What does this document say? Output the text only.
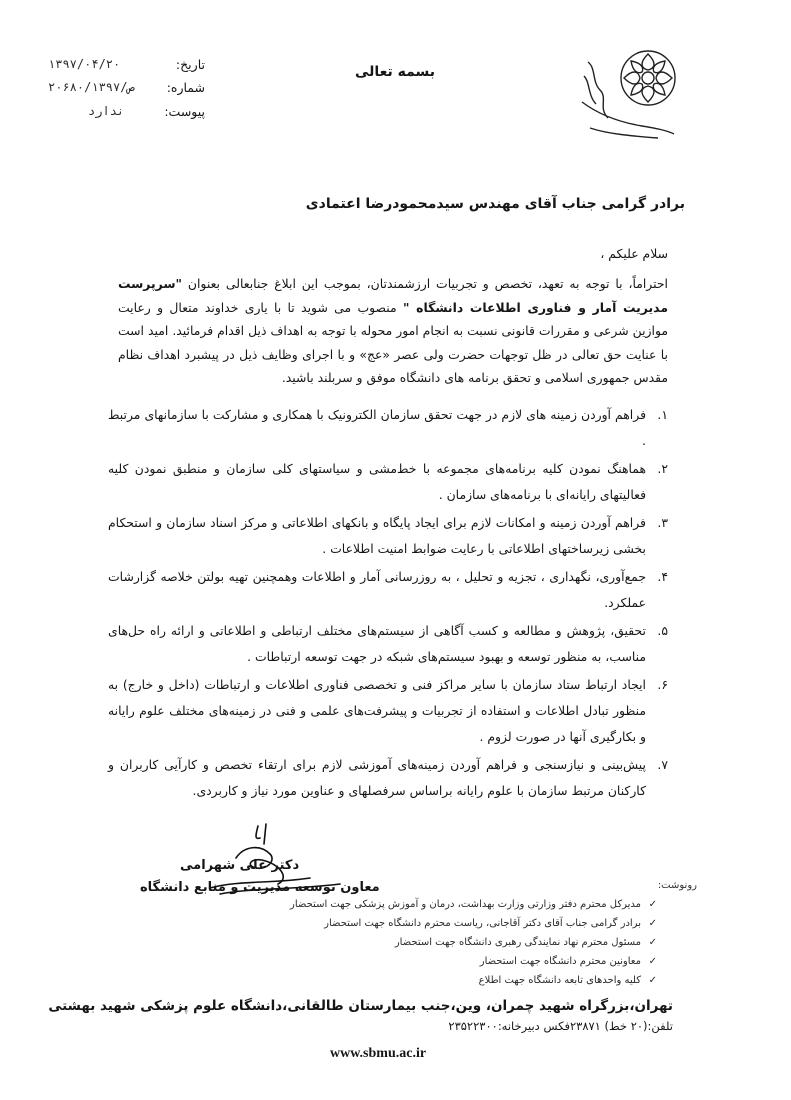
تاریخ:
۱۳۹۷/۰۴/۲۰
شماره:
۲۰۶۸۰/ص/۱۳۹۷
پیوست:
ندارد
بسمه تعالی
برادر گرامی جناب آقای مهندس سیدمحمودرضا اعتمادی
سلام علیکم ،
احتراماً، با توجه به تعهد، تخصص و تجربیات ارزشمندتان، بموجب این ابلاغ جنابعالی بعنوان "سرپرست مدیریت آمار و فناوری اطلاعات دانشگاه " منصوب می شوید تا با یاری خداوند متعال و رعایت موازین شرعی و مقررات قانونی نسبت به انجام امور محوله با توجه به اهداف ذیل اقدام فرمائید. امید است با عنایت حق تعالی در ظل توجهات حضرت ولی عصر «عج» و با اجرای وظایف ذیل در پیشبرد اهداف نظام مقدس جمهوری اسلامی و تحقق برنامه های دانشگاه موفق و سربلند باشید.
۱.
فراهم آوردن زمینه های لازم در جهت تحقق سازمان الکترونیک با همکاری و مشارکت با سازمانهای مرتبط .
۲.
هماهنگ نمودن کلیه برنامه‌های مجموعه با خط‌مشی و سیاستهای کلی سازمان و منطبق نمودن کلیه فعالیتهای رایانه‌ای با برنامه‌های سازمان .
۳.
فراهم آوردن زمینه و امکانات لازم برای ایجاد پایگاه و بانکهای اطلاعاتی و مرکز اسناد سازمان و استحکام بخشی زیرساختهای اطلاعاتی با رعایت ضوابط امنیت اطلاعات .
۴.
جمع‌آوری، نگهداری ، تجزیه و تحلیل ، به روزرسانی آمار و اطلاعات وهمچنین تهیه بولتن خلاصه گزارشات عملکرد.
۵.
تحقیق، پژوهش و مطالعه و کسب آگاهی از سیستم‌های مختلف ارتباطی و اطلاعاتی و ارائه راه حل‌های مناسب، به منظور توسعه و بهبود سیستم‌های شبکه در جهت توسعه ارتباطات .
۶.
ایجاد ارتباط ستاد سازمان با سایر مراکز فنی و تخصصی فناوری اطلاعات و ارتباطات (داخل و خارج) به منظور تبادل اطلاعات و استفاده از تجربیات و پیشرفت‌های علمی و فنی در زمینه‌های مختلف علوم رایانه و بکارگیری آنها در صورت لزوم .
۷.
پیش‌بینی و نیازسنجی و فراهم آوردن زمینه‌های آموزشی لازم برای ارتقاء تخصص و کارآیی کاربران و کارکنان مرتبط سازمان با علوم رایانه براساس سرفصلهای و عناوین مورد نیاز و کاربردی.
دکتر علی شهرامی
معاون توسعه مدیریت و منابع دانشگاه	رونوشت:
✓
مدیرکل محترم دفتر وزارتی وزارت بهداشت، درمان و آموزش پزشکی جهت استحضار
✓
برادر گرامی جناب آقای دکتر آقاجانی، ریاست محترم دانشگاه جهت استحضار
✓
مسئول محترم نهاد نمایندگی رهبری دانشگاه جهت استحضار
✓
معاونین محترم دانشگاه جهت استحضار
✓
کلیه واحدهای تابعه دانشگاه جهت اطلاع
تهران،بزرگراه شهید چمران، وین،جنب بیمارستان طالقانی،دانشگاه علوم پزشکی شهید بهشتی
تلفن:(۲۰ خط) ۲۳۸۷۱فکس دبیرخانه:۲۳۵۲۲۳۰۰
www.sbmu.ac.ir
